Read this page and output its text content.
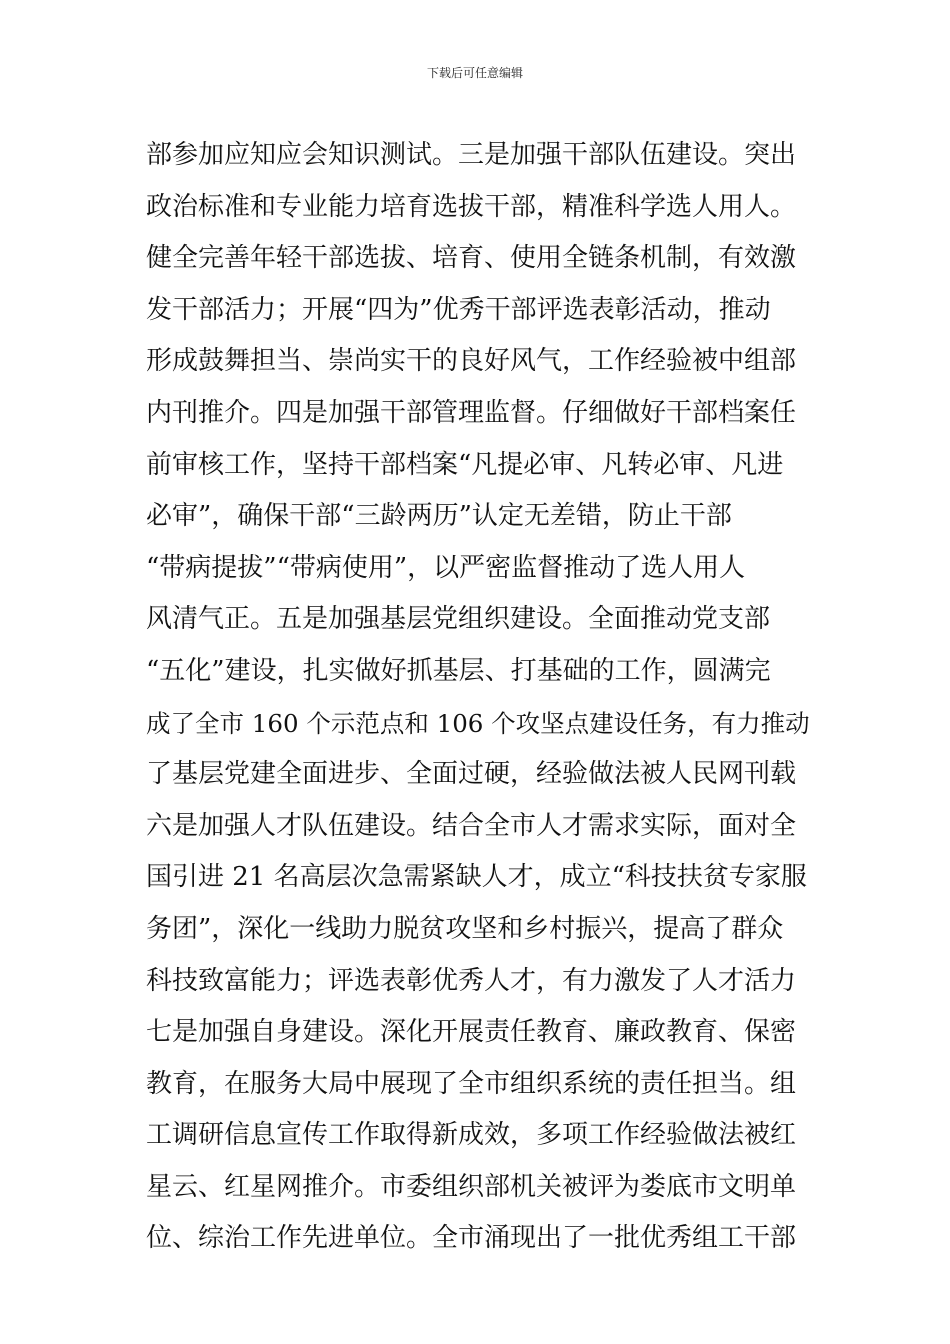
下载后可任意编辑
部参加应知应会知识测试。三是加强干部队伍建设。突出
政治标准和专业能力培育选拔干部，精准科学选人用人。
健全完善年轻干部选拔、培育、使用全链条机制，有效激
发干部活力；开展“四为”优秀干部评选表彰活动，推动
形成鼓舞担当、崇尚实干的良好风气，工作经验被中组部
内刊推介。四是加强干部管理监督。仔细做好干部档案任
前审核工作，坚持干部档案“凡提必审、凡转必审、凡进
必审”，确保干部“三龄两历”认定无差错，防止干部
“带病提拔”“带病使用”，以严密监督推动了选人用人
风清气正。五是加强基层党组织建设。全面推动党支部
“五化”建设，扎实做好抓基层、打基础的工作，圆满完
成了全市 160 个示范点和 106 个攻坚点建设任务，有力推动
了基层党建全面进步、全面过硬，经验做法被人民网刊载
六是加强人才队伍建设。结合全市人才需求实际，面对全
国引进 21 名高层次急需紧缺人才，成立“科技扶贫专家服
务团”，深化一线助力脱贫攻坚和乡村振兴，提高了群众
科技致富能力；评选表彰优秀人才，有力激发了人才活力
七是加强自身建设。深化开展责任教育、廉政教育、保密
教育，在服务大局中展现了全市组织系统的责任担当。组
工调研信息宣传工作取得新成效，多项工作经验做法被红
星云、红星网推介。市委组织部机关被评为娄底市文明单
位、综治工作先进单位。全市涌现出了一批优秀组工干部
